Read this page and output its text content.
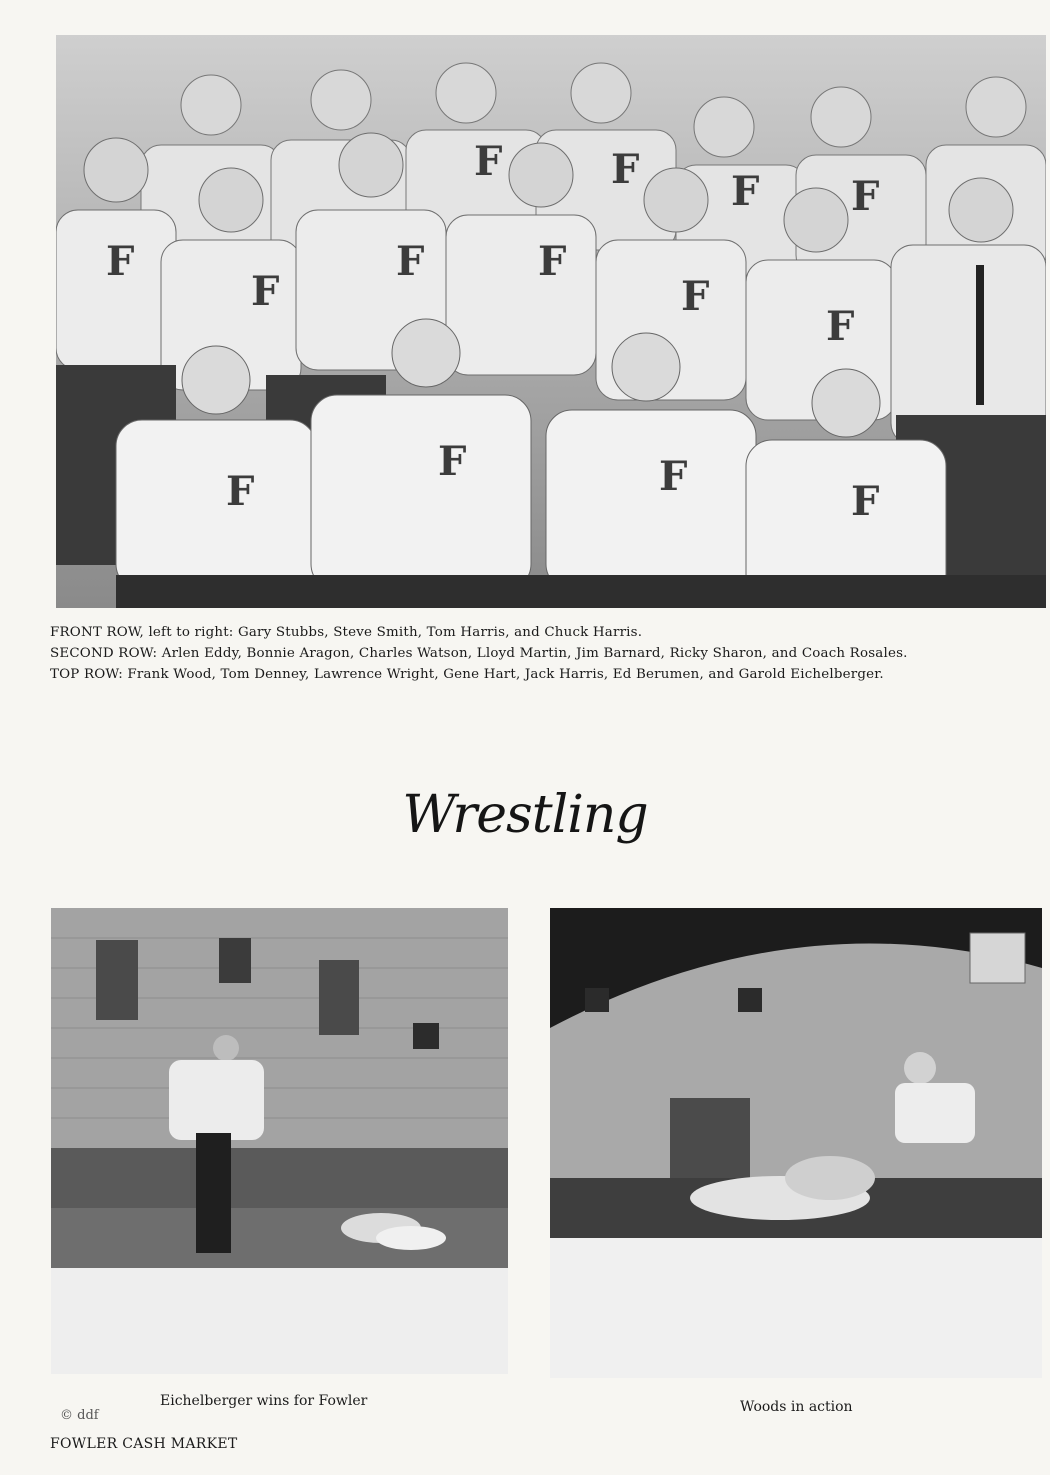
F
F
F	F
F	F F F
F
F
F
F	F
F
FRONT ROW, left to right: Gary Stubbs, Steve Smith, Tom Harris, and Chuck Harris.
SECOND ROW: Arlen Eddy, Bonnie Aragon, Charles Watson, Lloyd Martin, Jim Barnard, Ricky Sharon, and Coach Rosales.
TOP ROW: Frank Wood, Tom Denney, Lawrence Wright, Gene Hart, Jack Harris, Ed Berumen, and Garold Eichelberger.
Wrestling
Eichelberger wins for Fowler	Woods in action
© ddf
FOWLER CASH MARKET
